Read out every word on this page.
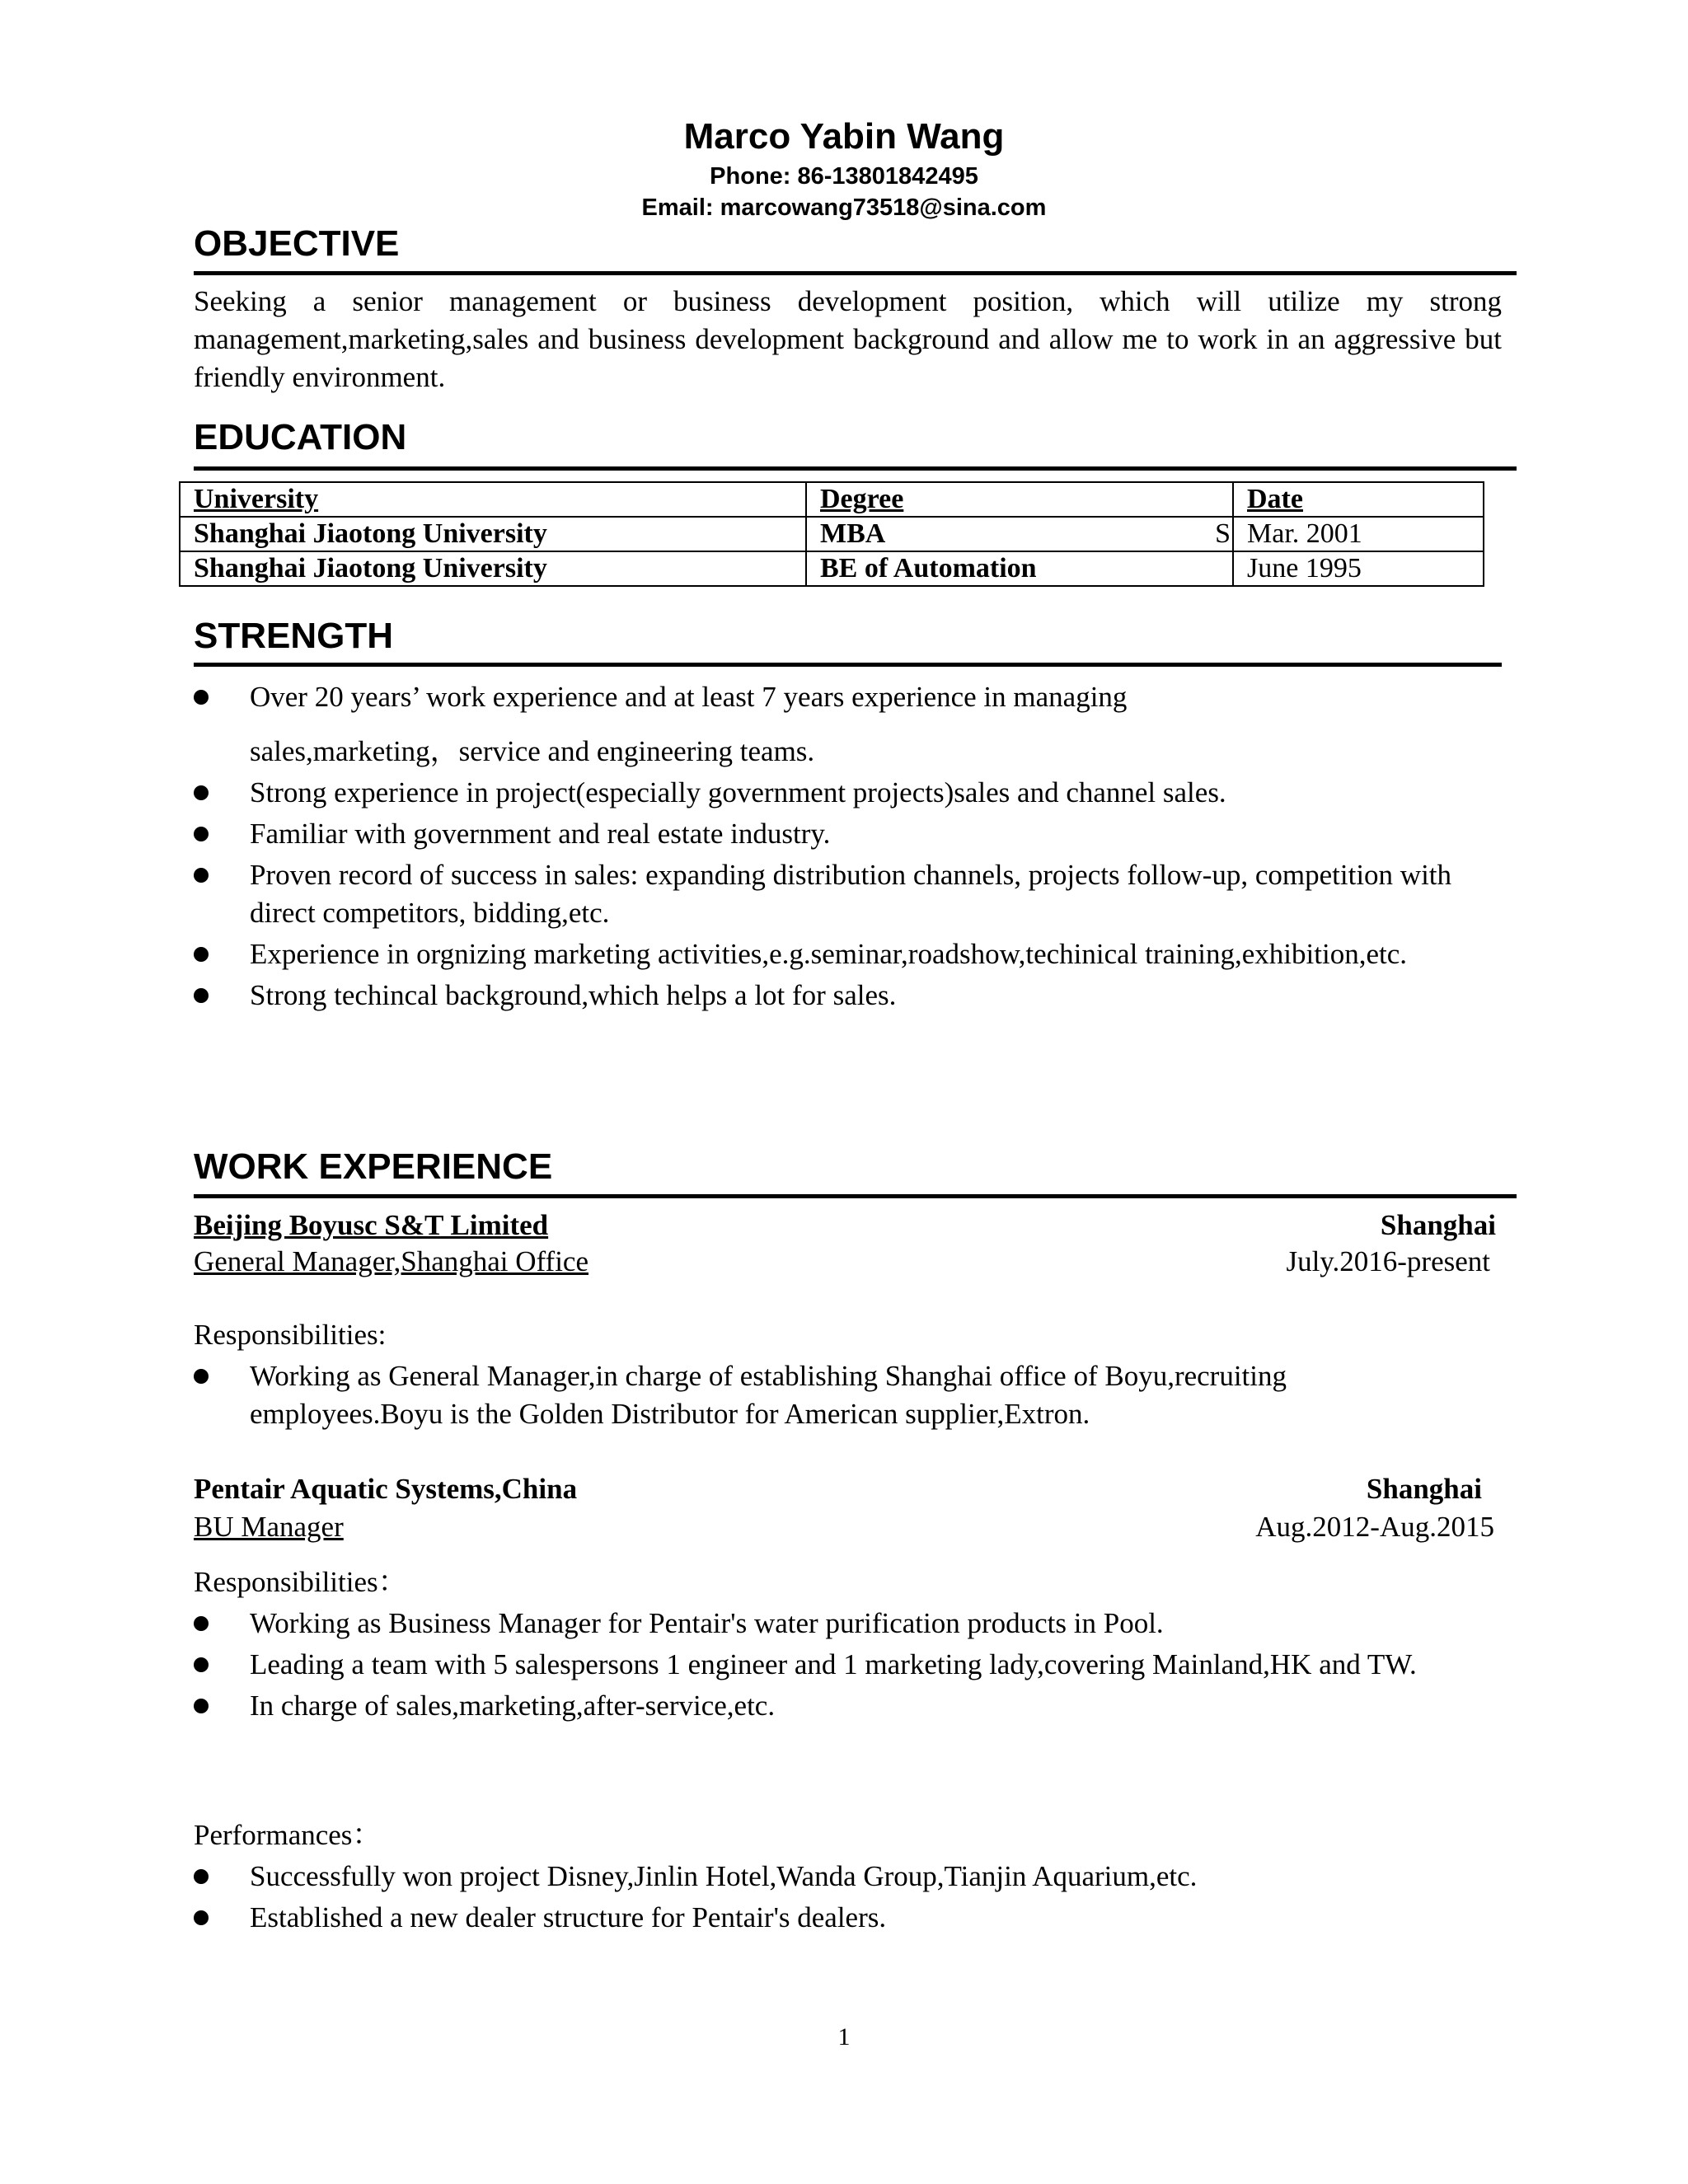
Marco Yabin Wang
Phone: 86-13801842495
Email: marcowang73518@sina.com
OBJECTIVE
Seeking a senior management or business development position, which will utilize my strong management,marketing,sales and business development background and allow me to work in an aggressive but friendly environment.
EDUCATION
University	Degree	Date
Shanghai Jiaotong University	MBA S	Mar. 2001
Shanghai Jiaotong University	BE of Automation	June 1995
STRENGTH
Over 20 years’ work experience and at least 7 years experience in managing
sales,marketing，service and engineering teams.
Strong experience in project(especially government projects)sales and channel sales.
Familiar with government and real estate industry.
Proven record of success in sales: expanding distribution channels, projects follow-up, competition with direct competitors, bidding,etc.
Experience in orgnizing marketing activities,e.g.seminar,roadshow,techinical training,exhibition,etc.
Strong techincal background,which helps a lot for sales.
WORK EXPERIENCE
Beijing Boyusc S&T Limited	Shanghai
General Manager,Shanghai Office	July.2016-present
Responsibilities:
Working as General Manager,in charge of establishing Shanghai office of Boyu,recruiting employees.Boyu is the Golden Distributor for American supplier,Extron.
Pentair Aquatic Systems,China	Shanghai
BU Manager	Aug.2012-Aug.2015
Responsibilities：
Working as Business Manager for Pentair's water purification products in Pool.
Leading a team with 5 salespersons 1 engineer and 1 marketing lady,covering Mainland,HK and TW.
In charge of sales,marketing,after-service,etc.
Performances：
Successfully won project Disney,Jinlin Hotel,Wanda Group,Tianjin Aquarium,etc.
Established a new dealer structure for Pentair's dealers.
1
